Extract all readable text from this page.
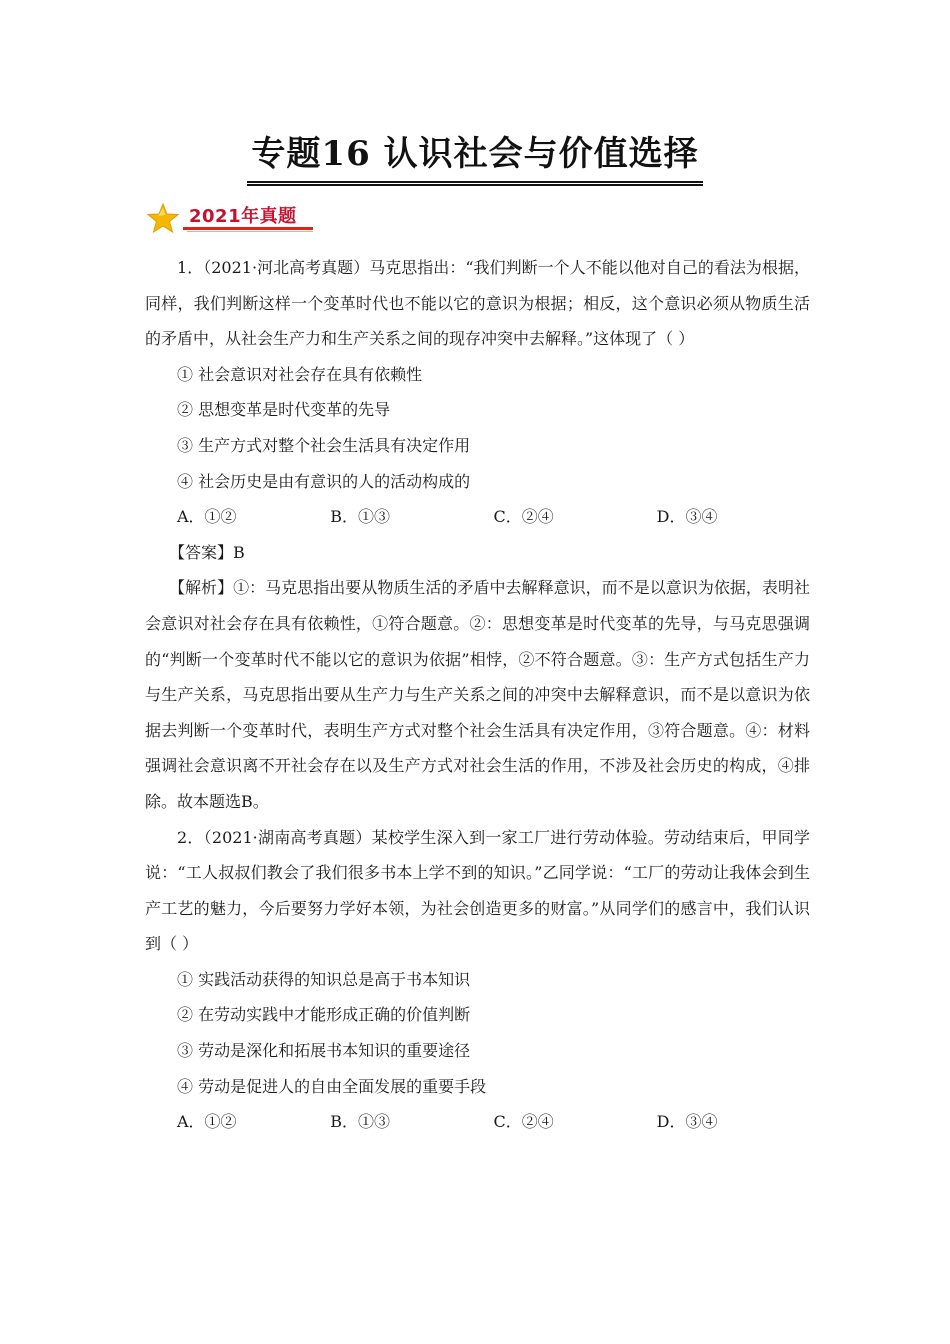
专题16 认识社会与价值选择
2021年真题

1．（2021·河北高考真题）马克思指出：“我们判断一个人不能以他对自己的看法为根据，同样，我们判断这样一个变革时代也不能以它的意识为根据；相反，这个意识必须从物质生活的矛盾中，从社会生产力和生产关系之间的现存冲突中去解释。”这体现了（ ）

① 社会意识对社会存在具有依赖性

② 思想变革是时代变革的先导

③ 生产方式对整个社会生活具有决定作用

④ 社会历史是由有意识的人的活动构成的

A．①②	B．①③	C．②④	D．③④

【答案】B

【解析】①：马克思指出要从物质生活的矛盾中去解释意识，而不是以意识为依据，表明社会意识对社会存在具有依赖性，①符合题意。②：思想变革是时代变革的先导，与马克思强调的“判断一个变革时代不能以它的意识为依据”相悖，②不符合题意。③：生产方式包括生产力与生产关系，马克思指出要从生产力与生产关系之间的冲突中去解释意识，而不是以意识为依据去判断一个变革时代，表明生产方式对整个社会生活具有决定作用，③符合题意。④：材料强调社会意识离不开社会存在以及生产方式对社会生活的作用，不涉及社会历史的构成，④排除。故本题选B。

2．（2021·湖南高考真题）某校学生深入到一家工厂进行劳动体验。劳动结束后，甲同学说：“工人叔叔们教会了我们很多书本上学不到的知识。”乙同学说：“工厂的劳动让我体会到生产工艺的魅力，今后要努力学好本领，为社会创造更多的财富。”从同学们的感言中，我们认识到（ ）

① 实践活动获得的知识总是高于书本知识

② 在劳动实践中才能形成正确的价值判断

③ 劳动是深化和拓展书本知识的重要途径

④ 劳动是促进人的自由全面发展的重要手段

A．①②	B．①③	C．②④	D．③④
